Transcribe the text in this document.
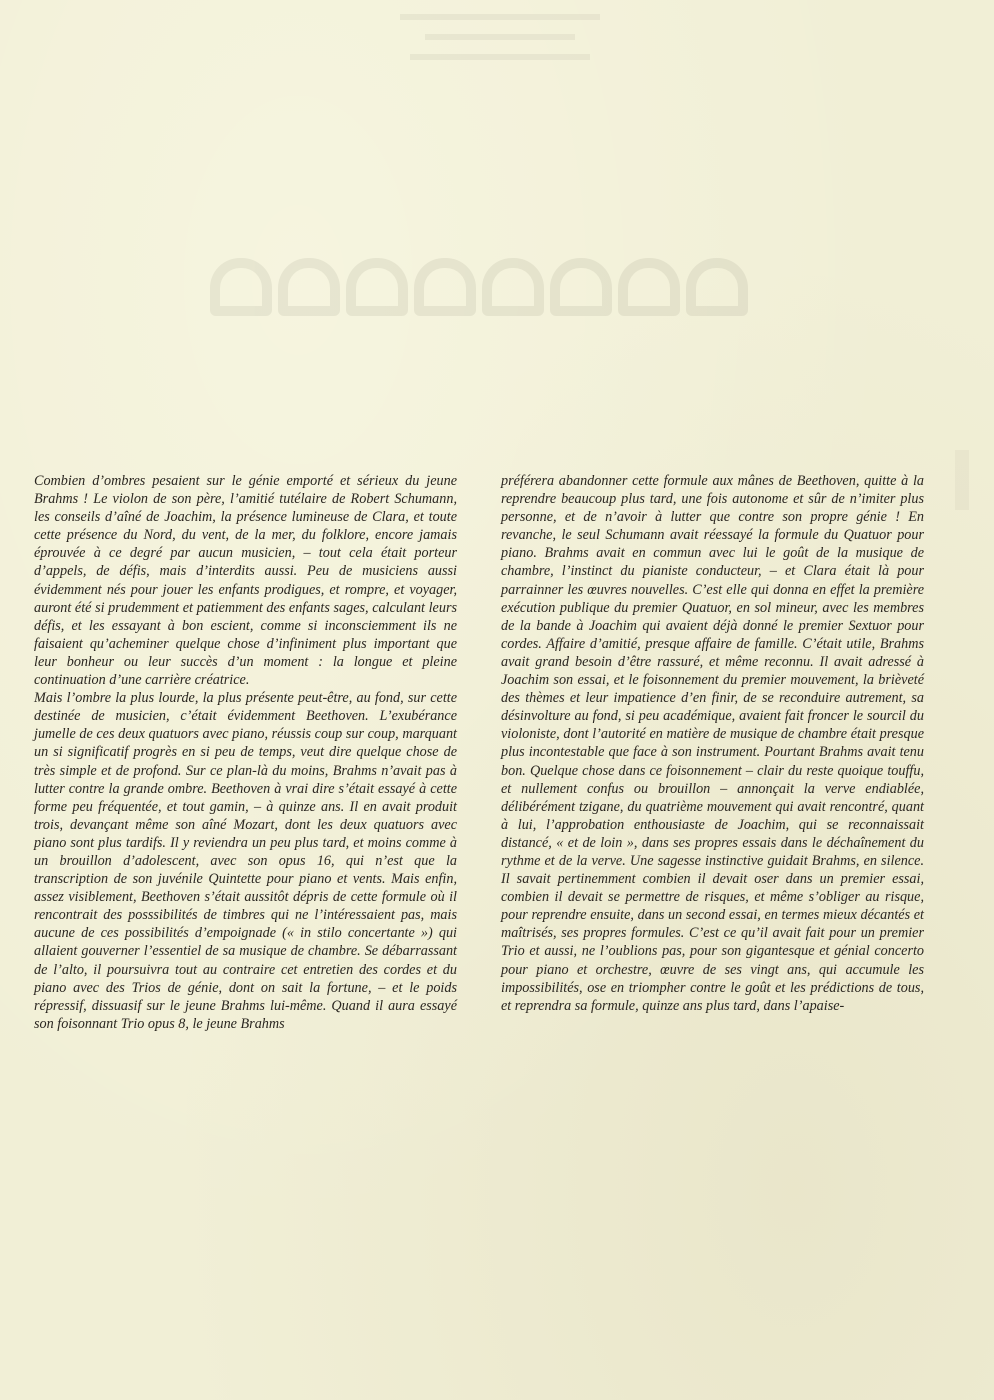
Combien d’ombres pesaient sur le génie emporté et sérieux du jeune Brahms ! Le violon de son père, l’amitié tutélaire de Robert Schumann, les conseils d’aîné de Joachim, la présence lumineuse de Clara, et toute cette présence du Nord, du vent, de la mer, du folklore, encore jamais éprouvée à ce degré par aucun musicien, – tout cela était porteur d’appels, de défis, mais d’interdits aussi. Peu de musiciens aussi évidemment nés pour jouer les enfants prodigues, et rompre, et voyager, auront été si prudemment et patiemment des enfants sages, calculant leurs défis, et les essayant à bon escient, comme si inconsciemment ils ne faisaient qu’acheminer quelque chose d’infiniment plus important que leur bonheur ou leur succès d’un moment : la longue et pleine continuation d’une carrière créatrice.

Mais l’ombre la plus lourde, la plus présente peut-être, au fond, sur cette destinée de musicien, c’était évidemment Beethoven. L’exubérance jumelle de ces deux quatuors avec piano, réussis coup sur coup, marquant un si significatif progrès en si peu de temps, veut dire quelque chose de très simple et de profond. Sur ce plan-là du moins, Brahms n’avait pas à lutter contre la grande ombre. Beethoven à vrai dire s’était essayé à cette forme peu fréquentée, et tout gamin, – à quinze ans. Il en avait produit trois, devançant même son aîné Mozart, dont les deux quatuors avec piano sont plus tardifs. Il y reviendra un peu plus tard, et moins comme à un brouillon d’adolescent, avec son opus 16, qui n’est que la transcription de son juvénile Quintette pour piano et vents. Mais enfin, assez visiblement, Beethoven s’était aussitôt dépris de cette formule où il rencontrait des posssibilités de timbres qui ne l’intéressaient pas, mais aucune de ces possibilités d’empoignade (« in stilo concertante ») qui allaient gouverner l’essentiel de sa musique de chambre. Se débarrassant de l’alto, il poursuivra tout au contraire cet entretien des cordes et du piano avec des Trios de génie, dont on sait la fortune, – et le poids répressif, dissuasif sur le jeune Brahms lui-même. Quand il aura essayé son foisonnant Trio opus 8, le jeune Brahms

préférera abandonner cette formule aux mânes de Beethoven, quitte à la reprendre beaucoup plus tard, une fois autonome et sûr de n’imiter plus personne, et de n’avoir à lutter que contre son propre génie ! En revanche, le seul Schumann avait réessayé la formule du Quatuor pour piano. Brahms avait en commun avec lui le goût de la musique de chambre, l’instinct du pianiste conducteur, – et Clara était là pour parrainner les œuvres nouvelles. C’est elle qui donna en effet la première exécution publique du premier Quatuor, en sol mineur, avec les membres de la bande à Joachim qui avaient déjà donné le premier Sextuor pour cordes. Affaire d’amitié, presque affaire de famille. C’était utile, Brahms avait grand besoin d’être rassuré, et même reconnu. Il avait adressé à Joachim son essai, et le foisonnement du premier mouvement, la brièveté des thèmes et leur impatience d’en finir, de se reconduire autrement, sa désinvolture au fond, si peu académique, avaient fait froncer le sourcil du violoniste, dont l’autorité en matière de musique de chambre était presque plus incontestable que face à son instrument. Pourtant Brahms avait tenu bon. Quelque chose dans ce foisonnement – clair du reste quoique touffu, et nullement confus ou brouillon – annonçait la verve endiablée, délibérément tzigane, du quatrième mouvement qui avait rencontré, quant à lui, l’approbation enthousiaste de Joachim, qui se reconnaissait distancé, « et de loin », dans ses propres essais dans le déchaînement du rythme et de la verve. Une sagesse instinctive guidait Brahms, en silence. Il savait pertinemment combien il devait oser dans un premier essai, combien il devait se permettre de risques, et même s’obliger au risque, pour reprendre ensuite, dans un second essai, en termes mieux décantés et maîtrisés, ses propres formules. C’est ce qu’il avait fait pour un premier Trio et aussi, ne l’oublions pas, pour son gigantesque et génial concerto pour piano et orchestre, œuvre de ses vingt ans, qui accumule les impossibilités, ose en triompher contre le goût et les prédictions de tous, et reprendra sa formule, quinze ans plus tard, dans l’apaise-
